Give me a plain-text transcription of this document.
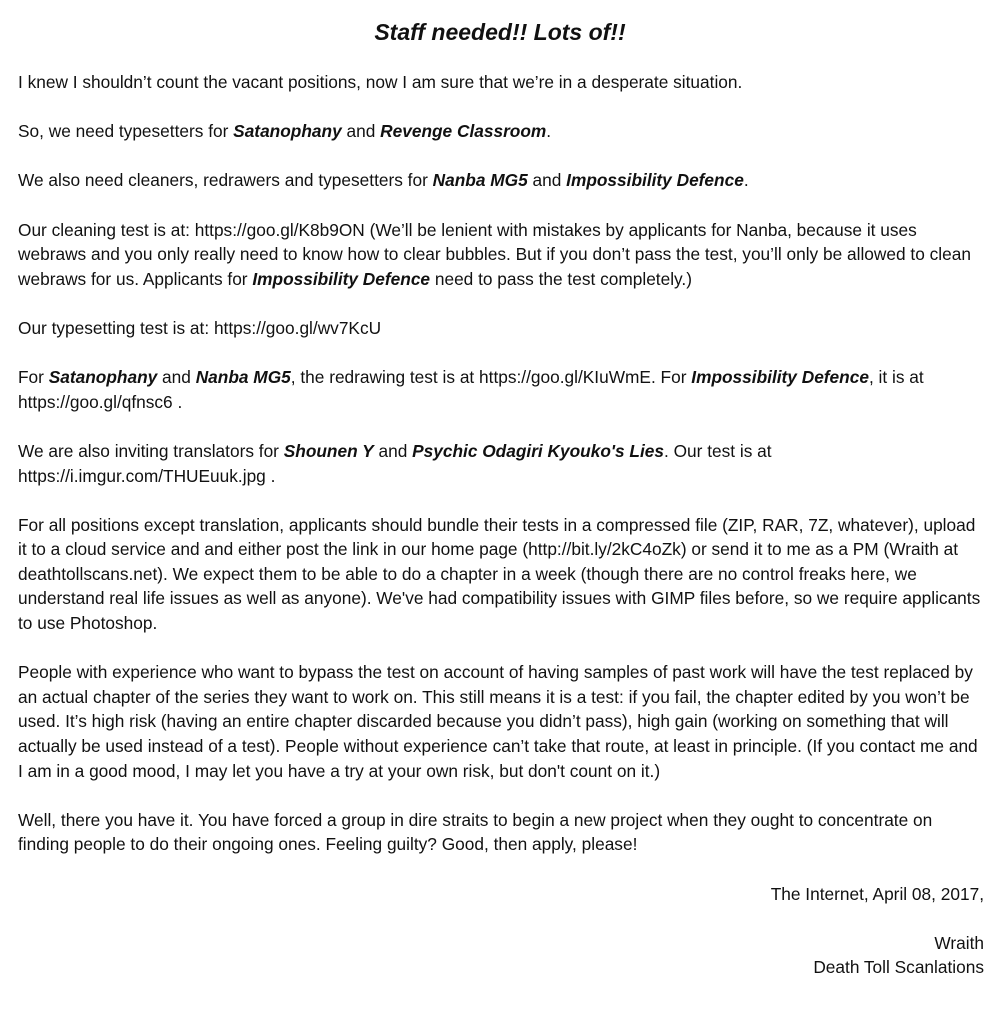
Staff needed!! Lots of!!

I knew I shouldn’t count the vacant positions, now I am sure that we’re in a desperate situation.

So, we need typesetters for Satanophany and Revenge Classroom.

We also need cleaners, redrawers and typesetters for Nanba MG5 and Impossibility Defence.

Our cleaning test is at: https://goo.gl/K8b9ON (We’ll be lenient with mistakes by applicants for Nanba, because it uses webraws and you only really need to know how to clear bubbles. But if you don’t pass the test, you’ll only be allowed to clean webraws for us. Applicants for Impossibility Defence need to pass the test completely.)

Our typesetting test is at: https://goo.gl/wv7KcU

For Satanophany and Nanba MG5, the redrawing test is at https://goo.gl/KIuWmE. For Impossibility Defence, it is at https://goo.gl/qfnsc6 .

We are also inviting translators for Shounen Y and Psychic Odagiri Kyouko's Lies. Our test is at https://i.imgur.com/THUEuuk.jpg .

For all positions except translation, applicants should bundle their tests in a compressed file (ZIP, RAR, 7Z, whatever), upload it to a cloud service and and either post the link in our home page (http://bit.ly/2kC4oZk) or send it to me as a PM (Wraith at deathtollscans.net). We expect them to be able to do a chapter in a week (though there are no control freaks here, we understand real life issues as well as anyone). We've had compatibility issues with GIMP files before, so we require applicants to use Photoshop.

People with experience who want to bypass the test on account of having samples of past work will have the test replaced by an actual chapter of the series they want to work on. This still means it is a test: if you fail, the chapter edited by you won’t be used. It’s high risk (having an entire chapter discarded because you didn’t pass), high gain (working on something that will actually be used instead of a test). People without experience can’t take that route, at least in principle. (If you contact me and I am in a good mood, I may let you have a try at your own risk, but don't count on it.)

Well, there you have it. You have forced a group in dire straits to begin a new project when they ought to concentrate on finding people to do their ongoing ones. Feeling guilty? Good, then apply, please!

The Internet, April 08, 2017,

Wraith
Death Toll Scanlations
